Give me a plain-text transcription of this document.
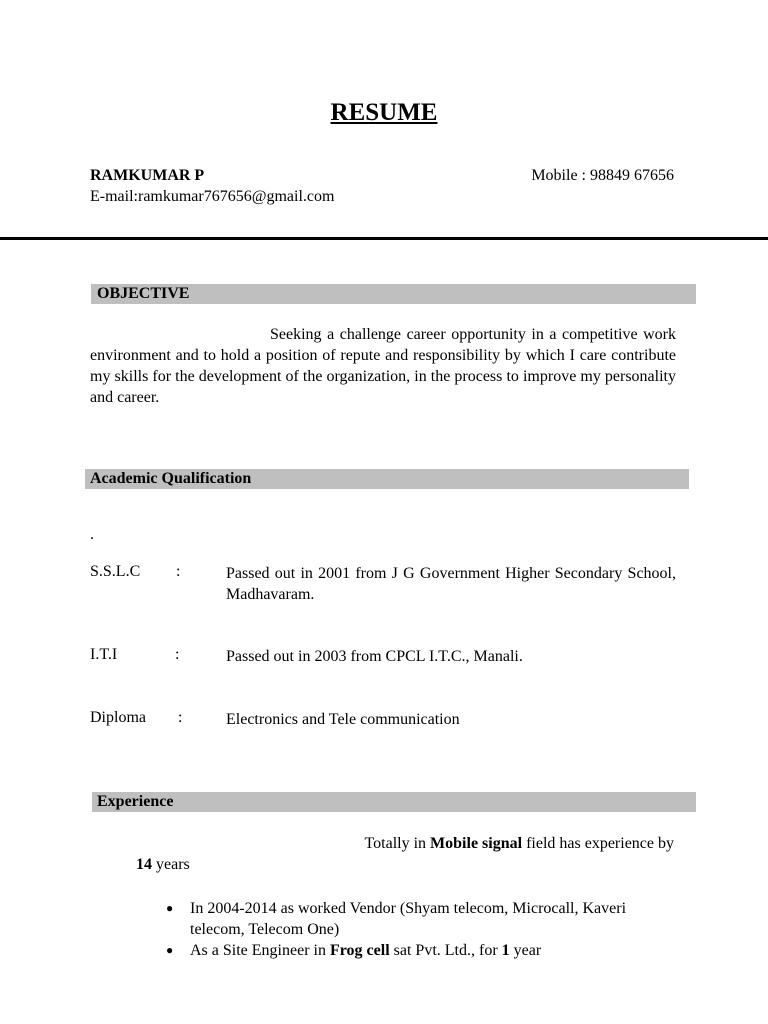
RESUME
RAMKUMAR P	Mobile : 98849 67656
E-mail:ramkumar767656@gmail.com
OBJECTIVE
Seeking a challenge career opportunity in a competitive work environment and to hold a position of repute and responsibility by which I care contribute my skills for the development of the organization, in the process to improve my personality and career.
Academic Qualification
.
S.S.L.C :	Passed out in 2001 from J G Government Higher Secondary School, Madhavaram.
I.T.I	:	Passed out in 2003 from CPCL I.T.C., Manali.
Diploma :	Electronics and Tele communication
Experience
Totally in Mobile signal field has experience by
14 years
● In 2004-2014 as worked Vendor (Shyam telecom, Microcall, Kaveri telecom, Telecom One)
● As a Site Engineer in Frog cell sat Pvt. Ltd., for 1 year
